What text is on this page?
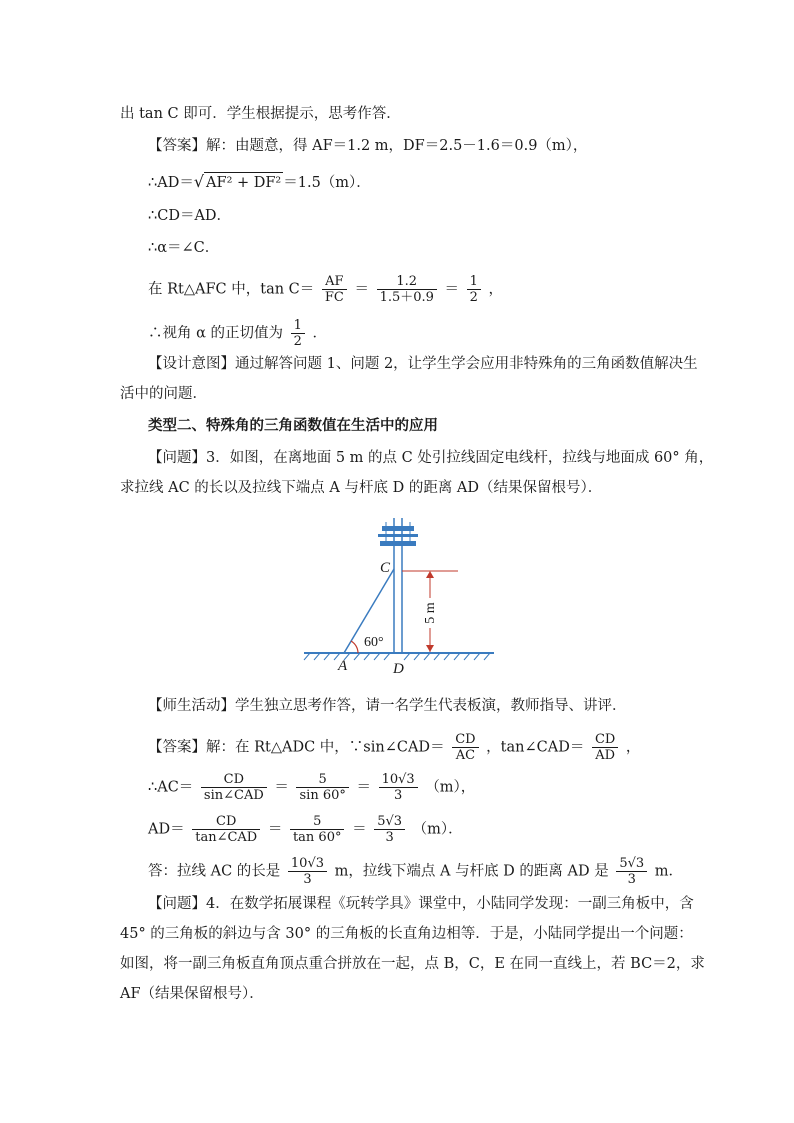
出 tan C 即可．学生根据提示，思考作答．
【答案】解：由题意，得 AF＝1.2 m，DF＝2.5－1.6＝0.9（m），
∴AD＝√ AF² + DF² ＝1.5（m）．
∴CD＝AD．
∴α＝∠C．
在 Rt△AFC 中，$\tan C= \frac{AF}{FC} = \frac{1.2}{1.5+0.9} = \frac{1}{2}$ ，
∴视角 α 的正切值为 $\frac{1}{2}$ ．
【设计意图】通过解答问题 1、问题 2，让学生学会应用非特殊角的三角函数值解决生
活中的问题．
类型二、特殊角的三角函数值在生活中的应用
【问题】3．如图，在离地面 5 m 的点 C 处引拉线固定电线杆，拉线与地面成 60° 角，
求拉线 AC 的长以及拉线下端点 A 与杆底 D 的距离 AD（结果保留根号）．
5 m
C
A	D
60°
【师生活动】学生独立思考作答，请一名学生代表板演，教师指导、讲评．
【答案】解：在 Rt△ADC 中，∵sin∠CAD＝ $\frac{CD}{AC}$ ，tan∠CAD＝ $\frac{CD}{AD}$ ，
∴AC＝ $\frac{CD}{\text{sin∠CAD}} = \frac{5}{\sin 60^\circ} = \frac{10√3}{3} (m)$，
$AD= \frac{CD}{\text{tan∠CAD}} = \frac{5}{\tan 60^\circ} = \frac{5√3}{3} (m)$．
答：拉线 AC 的长是 $\frac{10√3}{3}$ m，拉线下端点 A 与杆底 D 的距离 AD 是 $\frac{5√3}{3}$ m．
【问题】4．在数学拓展课程《玩转学具》课堂中，小陆同学发现：一副三角板中，含
45° 的三角板的斜边与含 30° 的三角板的长直角边相等．于是，小陆同学提出一个问题：
如图，将一副三角板直角顶点重合拼放在一起，点 B，C，E 在同一直线上，若 BC＝2，求
AF（结果保留根号）．
